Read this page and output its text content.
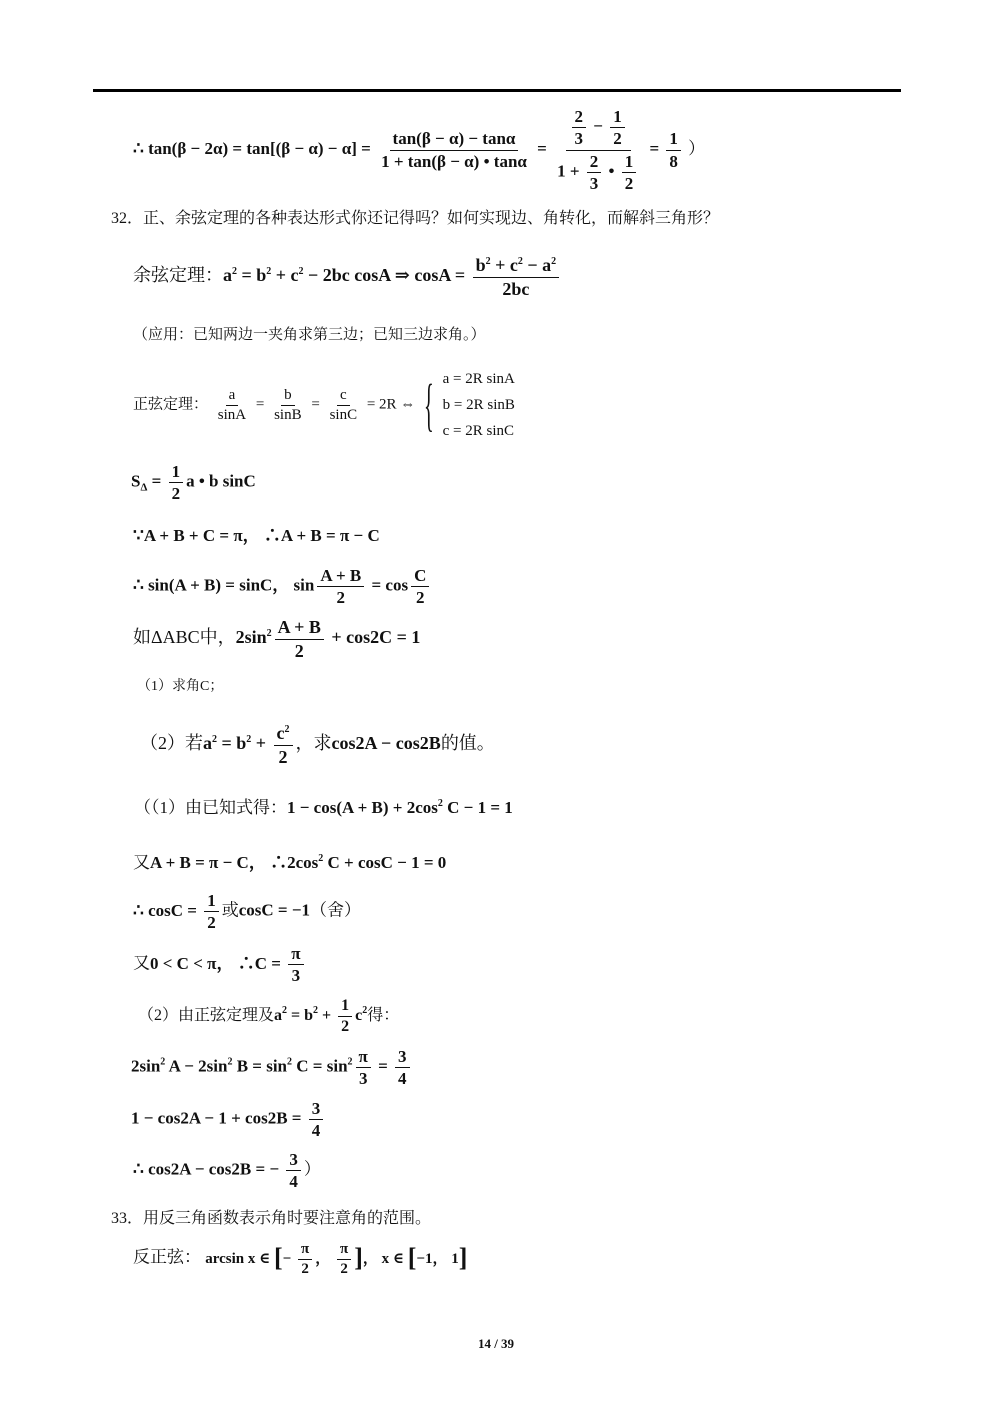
∴ $\tan(\beta - 2\alpha) = \tan[(\beta - \alpha) - \alpha] = \frac{\tan(\beta - \alpha) - \tan\alpha}{1 + \tan(\beta - \alpha) • \tan\alpha} = \frac{\frac{2}{3} - \frac{1}{2}}{1 + \frac{2}{3} • \frac{1}{2}} = \frac{1}{8}$ ）
32．正、余弦定理的各种表达形式你还记得吗？如何实现边、角转化，而解斜三角形？
余弦定理：$a^2 = b^2 + c^2 - 2bc$ cosA ⇒ $\cos A = \frac{b^2 + c^2 - a^2}{2bc}$
（应用：已知两边一夹角求第三边；已知三边求角。）
正弦定理： $\frac{a}{\sin A} = \frac{b}{\sin B} = \frac{c}{\sin C} = 2R$ ⇔ { a = 2R sinA
b = 2R sinB
c = 2R sinC
$S_\Delta = \frac{1}{2}$ a • b sinC
∵A + B + C = π， ∴A + B = π − C
∴ sin(A + B) = sinC， $\sin \frac{A + B}{2} = \cos \frac{C}{2}$
如ΔABC中，$2\sin^2 \frac{A + B}{2} + \cos 2C = 1$
（1）求角C；
（2）若$a^2 = b^2 + \frac{c^2}{2}$ ，求cos2A − cos2B的值。
（（1）由已知式得：$1 - \cos(A + B) + 2\cos^2$ C − 1 = 1
又A + B = π − C， $\therefore 2\cos^2$ C + cosC − 1 = 0
∴ $\cos C = \frac{1}{2}$ 或cosC = −1（舍）
又0 < C < π， ∴C = $\frac{\pi}{3}$
（2）由正弦定理及$a^2 = b^2 + \frac{1}{2} c^2$得：
$2\sin^2$ $A - 2\sin^2$ $B = \sin^2 C = \sin^2 \frac{\pi}{3} = \frac{3}{4}$
$1 - \cos 2A - 1 + \cos 2B = \frac{3}{4}$
∴ cos2A − cos2B = − $\frac{3}{4}$ ）
33．用反三角函数表示角时要注意角的范围。
反正弦： arcsin x ∈ [− $\frac{\pi}{2}$ ， $\frac{\pi}{2}$ ]， x ∈ [−1， 1]
14 / 39
